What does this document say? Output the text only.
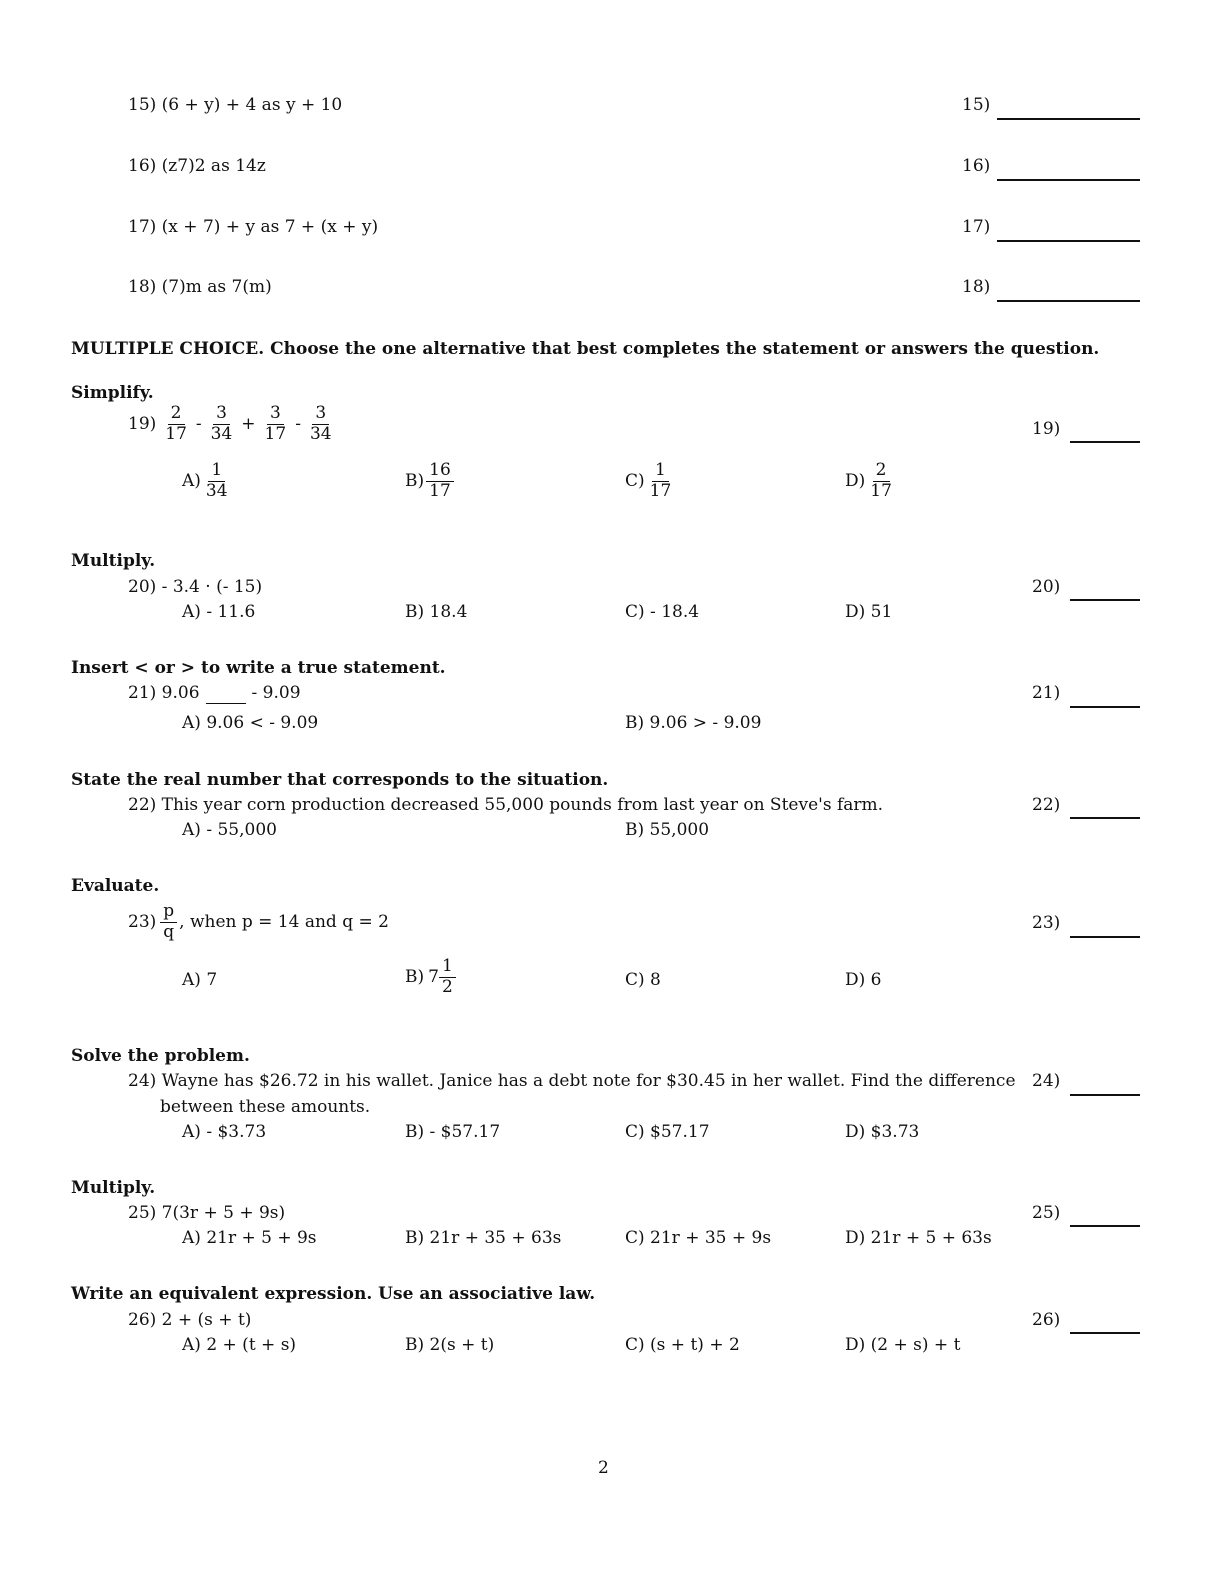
15) (6 + y) + 4 as y + 10	15)
16) (z7)2 as 14z	16)
17) (x + 7) + y as 7 + (x + y)	17)
18) (7)m as 7(m)	18)
MULTIPLE CHOICE. Choose the one alternative that best completes the statement or answers the question.
Simplify.
$19) \frac{2}{17} - \frac{3}{34} + \frac{3}{17} - \frac{3}{34}$	19)
$A) \frac{1}{34}$	$B) \frac{16}{17}$	$C) \frac{1}{17}$	$D) \frac{2}{17}$
Multiply.
20) - 3.4 · (- 15)	20)
A) - 11.6	B) 18.4	C) - 18.4	D) 51
Insert < or > to write a true statement.
21) 9.06	- 9.09	21)
A) 9.06 < - 9.09	B) 9.06 > - 9.09
State the real number that corresponds to the situation.
22) This year corn production decreased 55,000 pounds from last year on Steve's farm.	22)
A) - 55,000	B) 55,000
Evaluate.
$23) \frac{p}{q}$ , when p = 14 and q = 2	23)
A) 7	B) $7 \frac{1}{2}$	C) 8	D) 6
Solve the problem.
24) Wayne has $26.72 in his wallet. Janice has a debt note for $30.45 in her wallet. Find the difference
between these amounts.
24)
A) - $3.73	B) - $57.17	C) $57.17	D) $3.73
Multiply.
25) 7(3r + 5 + 9s)	25)
A) 21r + 5 + 9s	B) 21r + 35 + 63s	C) 21r + 35 + 9s	D) 21r + 5 + 63s
Write an equivalent expression. Use an associative law.
26) 2 + (s + t)	26)
A) 2 + (t + s)	B) 2(s + t)	C) (s + t) + 2	D) (2 + s) + t
2
